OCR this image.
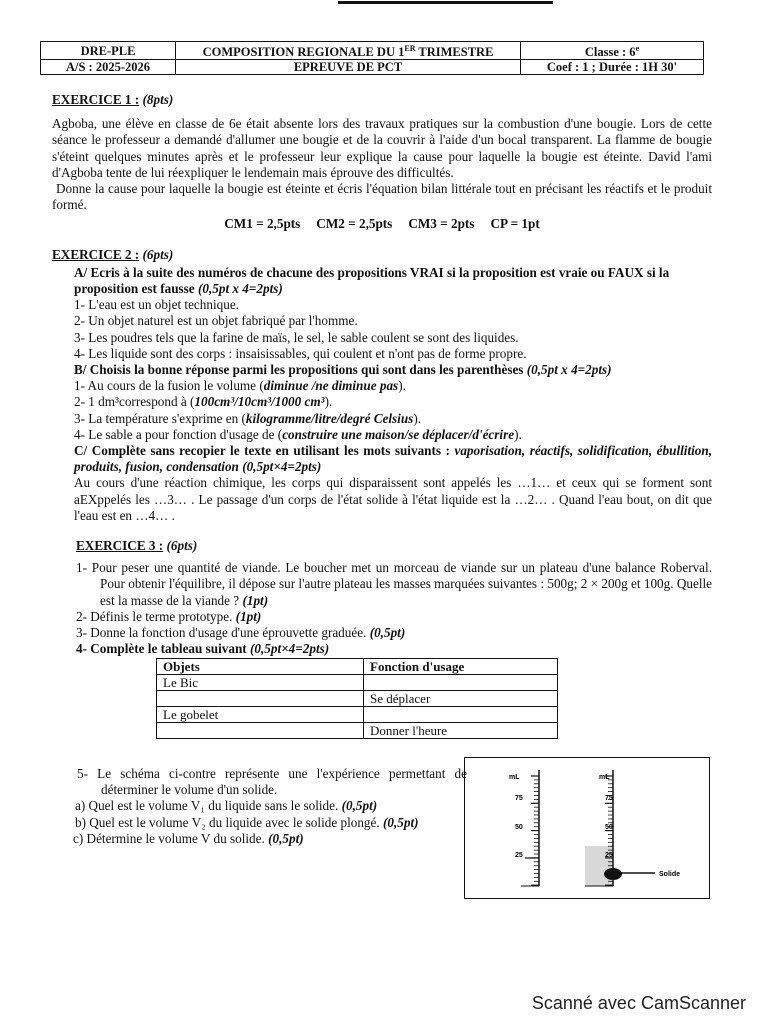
DRE-PLE	COMPOSITION REGIONALE DU 1ER TRIMESTRE	Classe : 6e
A/S : 2025-2026	EPREUVE DE PCT	Coef : 1 ; Durée : 1H 30'

EXERCICE 1 : (8pts)

Agboba, une élève en classe de 6e était absente lors des travaux pratiques sur la combustion d'une bougie. Lors de cette séance le professeur a demandé d'allumer une bougie et de la couvrir à l'aide d'un bocal transparent. La flamme de bougie s'éteint quelques minutes après et le professeur leur explique la cause pour laquelle la bougie est éteinte. David l'ami d'Agboba tente de lui réexpliquer le lendemain mais éprouve des difficultés.

Donne la cause pour laquelle la bougie est éteinte et écris l'équation bilan littérale tout en précisant les réactifs et le produit formé.

CM1 = 2,5pts CM2 = 2,5pts CM3 = 2pts CP = 1pt

EXERCICE 2 : (6pts)

A/ Ecris à la suite des numéros de chacune des propositions VRAI si la proposition est vraie ou FAUX si la proposition est fausse (0,5pt x 4=2pts)

1- L'eau est un objet technique.

2- Un objet naturel est un objet fabriqué par l'homme.

3- Les poudres tels que la farine de maïs, le sel, le sable coulent se sont des liquides.

4- Les liquide sont des corps : insaisissables, qui coulent et n'ont pas de forme propre.

B/ Choisis la bonne réponse parmi les propositions qui sont dans les parenthèses (0,5pt x 4=2pts)

1- Au cours de la fusion le volume (diminue /ne diminue pas).

2- 1 dm³correspond à (100cm³/10cm³/1000 cm³).

3- La température s'exprime en (kilogramme/litre/degré Celsius).

4- Le sable a pour fonction d'usage de (construire une maison/se déplacer/d'écrire).

C/ Complète sans recopier le texte en utilisant les mots suivants : vaporisation, réactifs, solidification, ébullition, produits, fusion, condensation (0,5pt×4=2pts)

Au cours d'une réaction chimique, les corps qui disparaissent sont appelés les …1… et ceux qui se forment sont aEXppelés les …3… . Le passage d'un corps de l'état solide à l'état liquide est la …2… . Quand l'eau bout, on dit que l'eau est en …4… .

EXERCICE 3 : (6pts)

1- Pour peser une quantité de viande. Le boucher met un morceau de viande sur un plateau d'une balance Roberval. Pour obtenir l'équilibre, il dépose sur l'autre plateau les masses marquées suivantes : 500g; 2 × 200g et 100g. Quelle est la masse de la viande ? (1pt)
2- Définis le terme prototype. (1pt)
3- Donne la fonction d'usage d'une éprouvette graduée. (0,5pt)
4- Complète le tableau suivant (0,5pt×4=2pts)
Objets	Fonction d'usage
Le Bic	
	Se déplacer
Le gobelet	
	Donner l'heure

5- Le schéma ci-contre représente une l'expérience permettant de déterminer le volume d'un solide.

a) Quel est le volume V₁ du liquide sans le solide. (0,5pt)

b) Quel est le volume V₂ du liquide avec le solide plongé. (0,5pt)

c) Détermine le volume V du solide. (0,5pt)

mL
75
50
25
mL
75
50
25
Solide
Scanné avec CamScanner
